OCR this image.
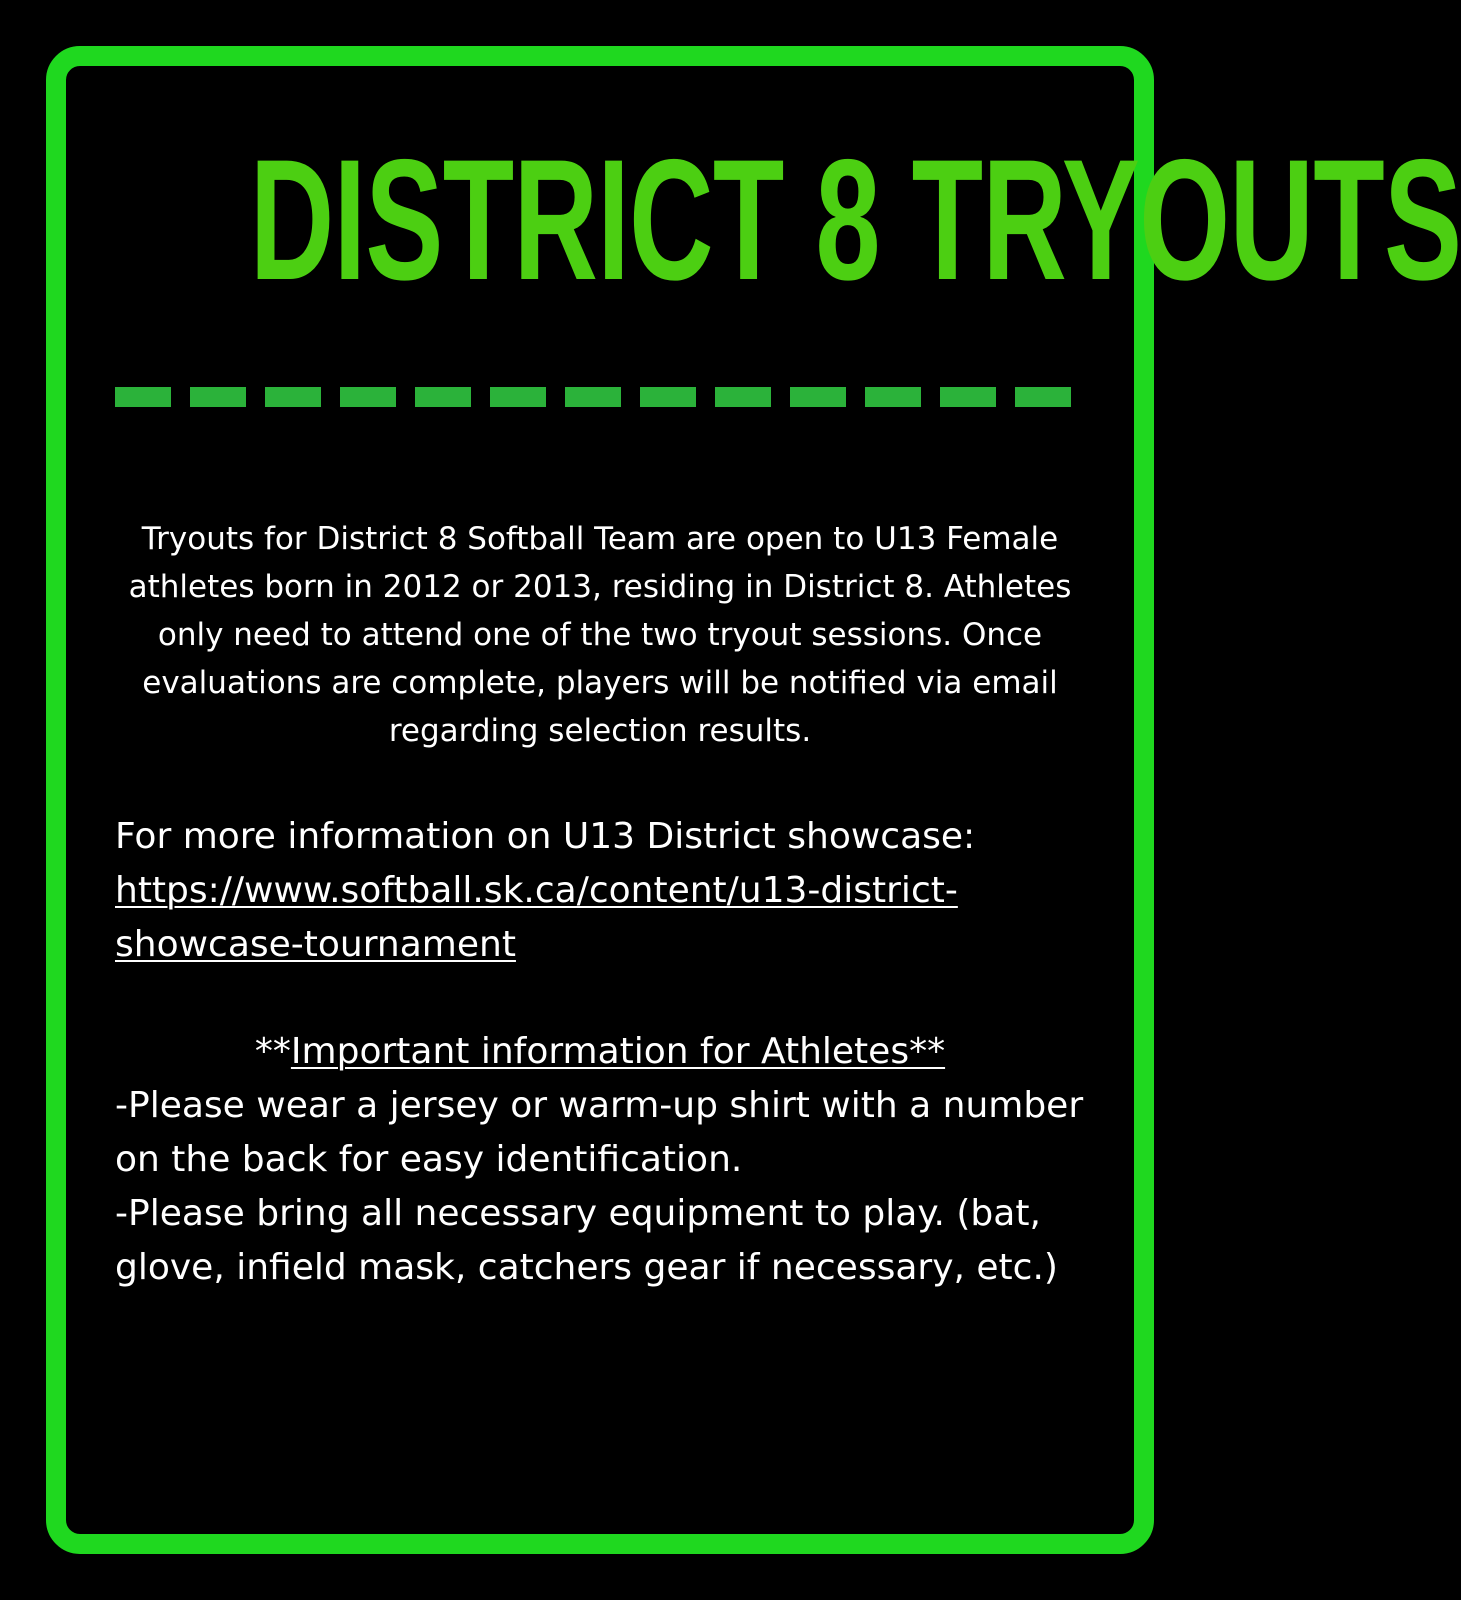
DISTRICT 8 TRYOUTS

Tryouts for District 8 Softball Team are open to U13 Female athletes born in 2012 or 2013, residing in District 8. Athletes only need to attend one of the two tryout sessions. Once evaluations are complete, players will be notified via email regarding selection results.

For more information on U13 District showcase:
https://www.softball.sk.ca/content/u13-district-showcase-tournament

**Important information for Athletes**

-Please wear a jersey or warm-up shirt with a number on the back for easy identification.

-Please bring all necessary equipment to play. (bat, glove, infield mask, catchers gear if necessary, etc.)
